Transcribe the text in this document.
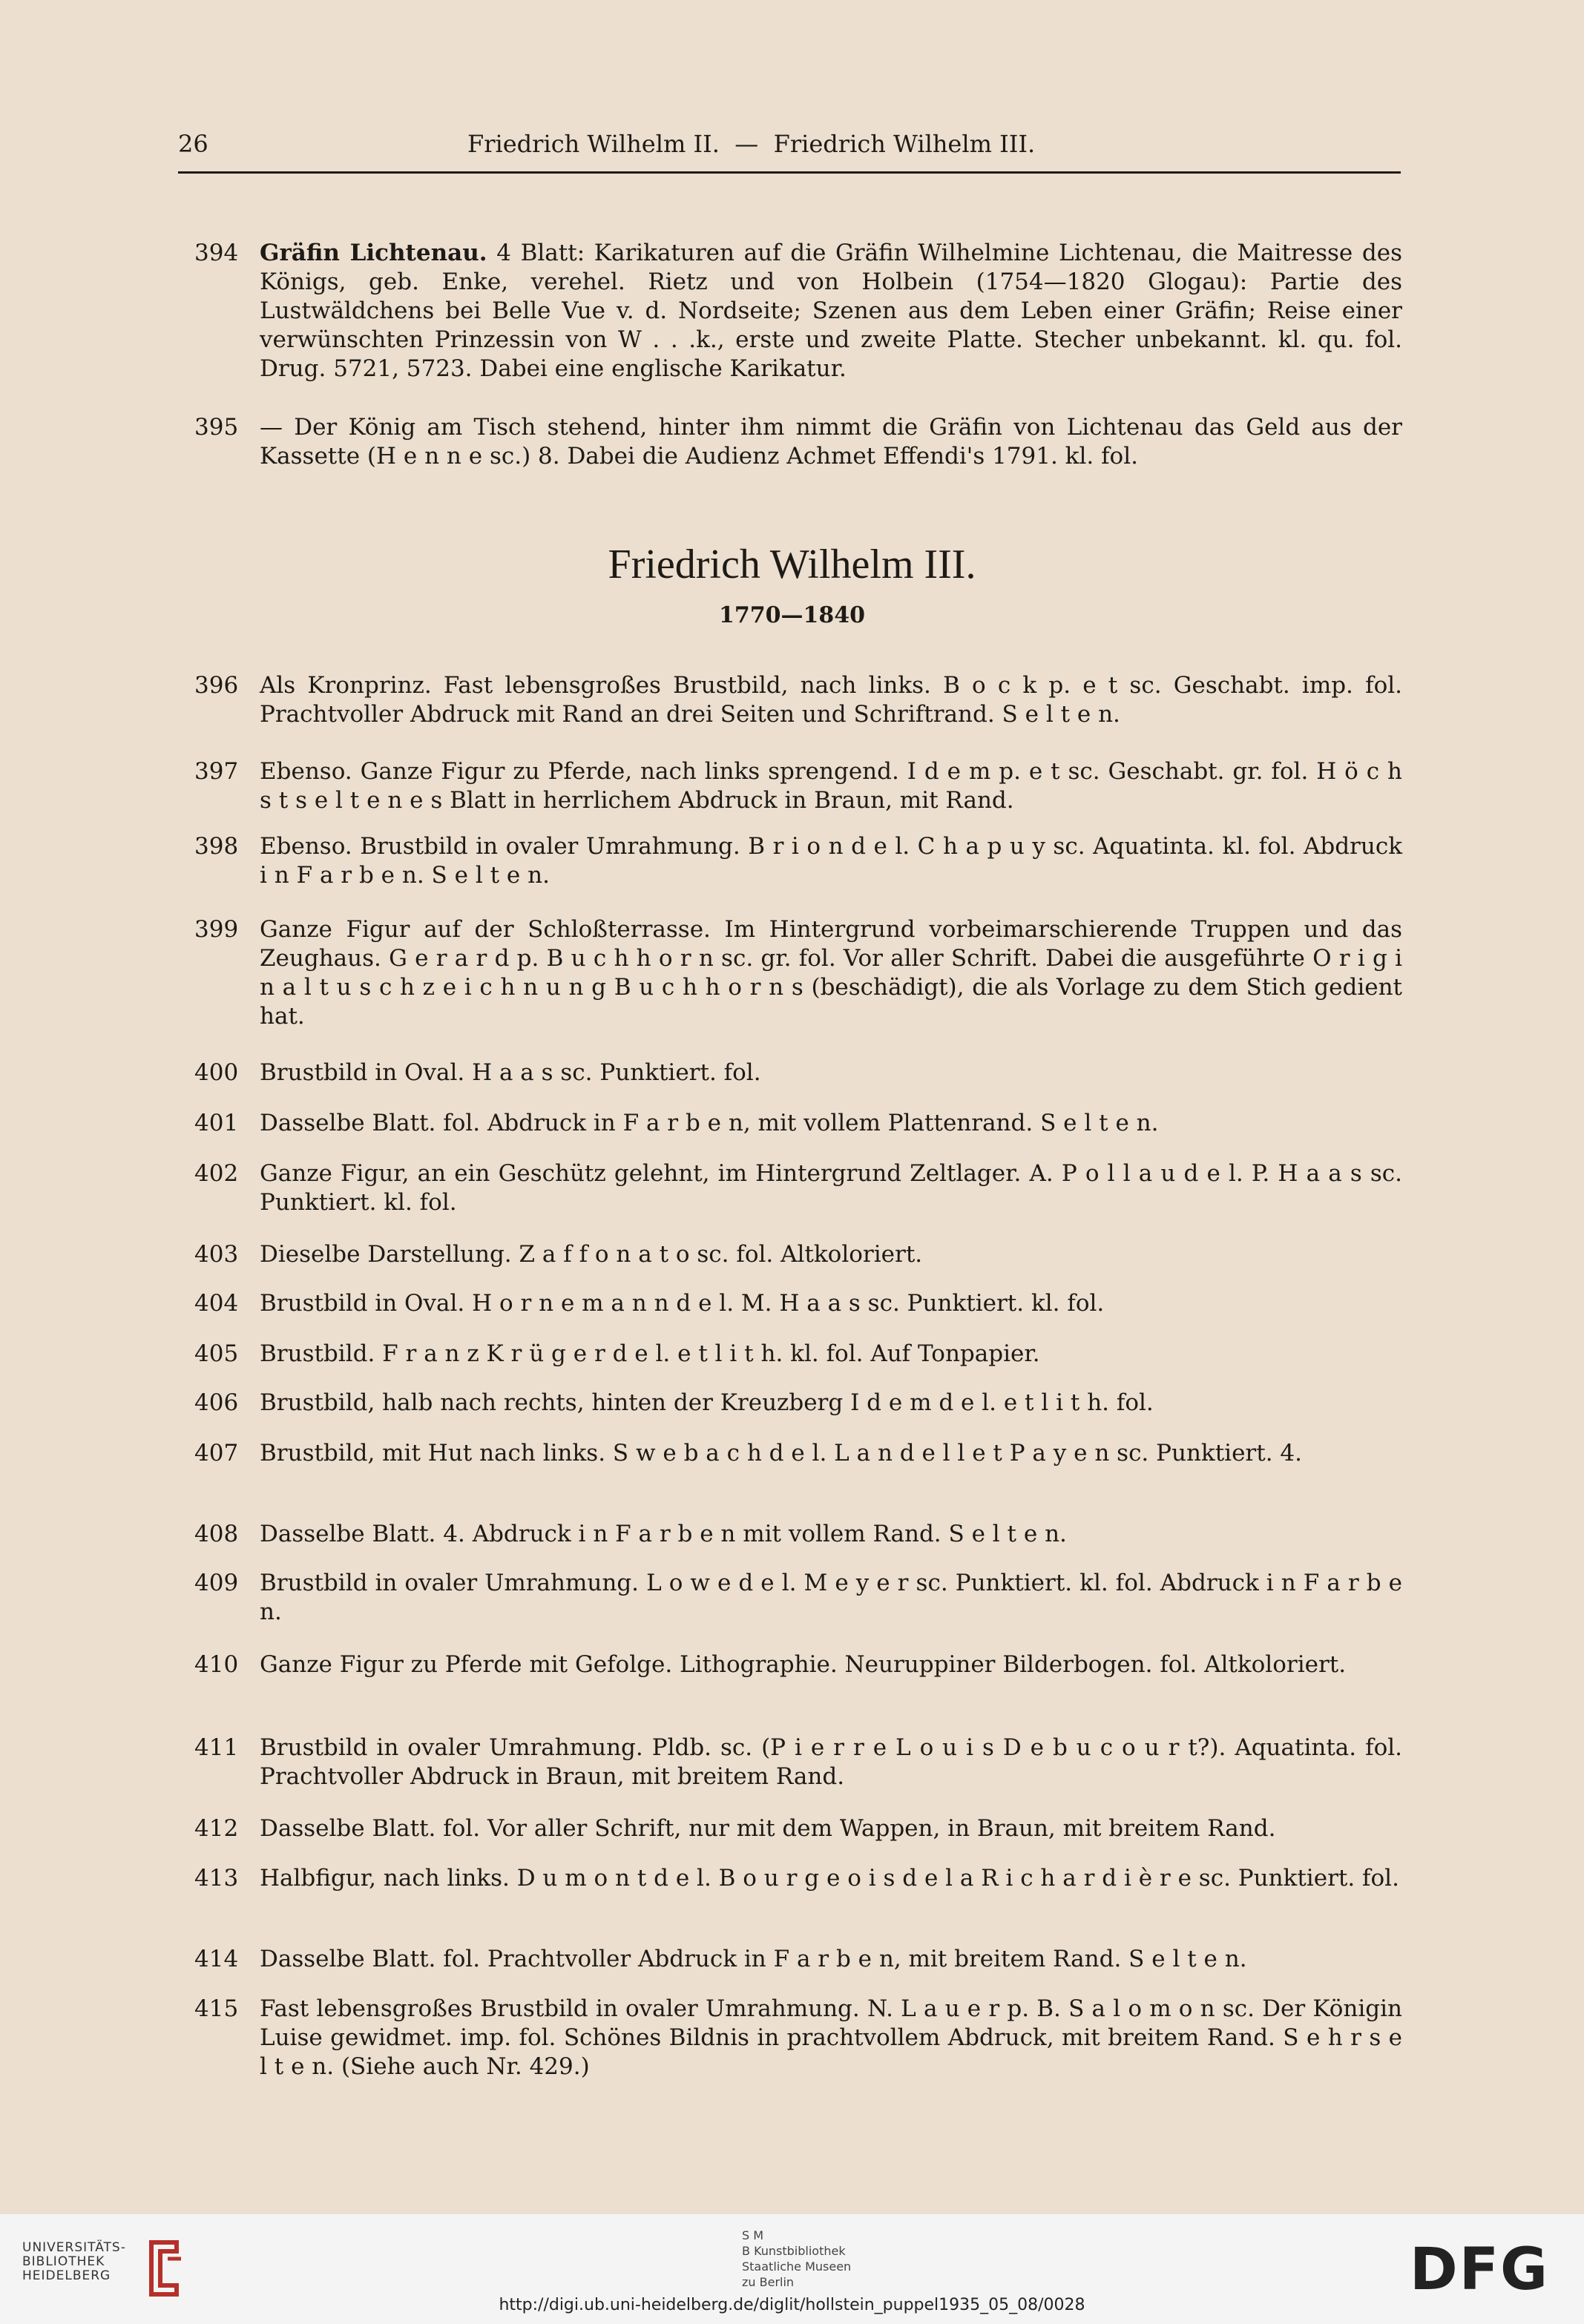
26	Friedrich Wilhelm II.  —  Friedrich Wilhelm III.
394 Gräfin Lichtenau. 4 Blatt: Karikaturen auf die Gräfin Wilhelmine Lichtenau, die Maitresse des Königs, geb. Enke, verehel. Rietz und von Holbein (1754—1820 Glogau): Partie des Lustwäldchens bei Belle Vue v. d. Nordseite; Szenen aus dem Leben einer Gräfin; Reise einer verwünschten Prinzessin von W . . .k., erste und zweite Platte. Stecher unbekannt. kl. qu. fol. Drug. 5721, 5723. Dabei eine englische Karikatur.

395 — Der König am Tisch stehend, hinter ihm nimmt die Gräfin von Lichtenau das Geld aus der Kassette (H e n n e sc.) 8. Dabei die Audienz Achmet Effendi's 1791. kl. fol.

Friedrich Wilhelm III.
1770—1840
396 Als Kronprinz. Fast lebensgroßes Brustbild, nach links. B o c k p. e t sc. Geschabt. imp. fol. Prachtvoller Abdruck mit Rand an drei Seiten und Schriftrand. S e l t e n.

397 Ebenso. Ganze Figur zu Pferde, nach links sprengend. I d e m p. e t sc. Geschabt. gr. fol. H ö c h s t s e l t e n e s Blatt in herrlichem Abdruck in Braun, mit Rand.

398 Ebenso. Brustbild in ovaler Umrahmung. B r i o n d e l. C h a p u y sc. Aquatinta. kl. fol. Abdruck i n F a r b e n. S e l t e n.

399 Ganze Figur auf der Schloßterrasse. Im Hintergrund vorbeimarschierende Truppen und das Zeughaus. G e r a r d p. B u c h h o r n sc. gr. fol. Vor aller Schrift. Dabei die ausgeführte O r i g i n a l t u s c h z e i c h n u n g B u c h h o r n s (beschädigt), die als Vorlage zu dem Stich gedient hat.

400 Brustbild in Oval. H a a s sc. Punktiert. fol.

401 Dasselbe Blatt. fol. Abdruck in F a r b e n, mit vollem Plattenrand. S e l t e n.

402 Ganze Figur, an ein Geschütz gelehnt, im Hintergrund Zeltlager. A. P o l l a u d e l. P. H a a s sc. Punktiert. kl. fol.

403 Dieselbe Darstellung. Z a f f o n a t o sc. fol. Altkoloriert.

404 Brustbild in Oval. H o r n e m a n n d e l. M. H a a s sc. Punktiert. kl. fol.

405 Brustbild. F r a n z K r ü g e r d e l. e t l i t h. kl. fol. Auf Tonpapier.

406 Brustbild, halb nach rechts, hinten der Kreuzberg I d e m d e l. e t l i t h. fol.

407 Brustbild, mit Hut nach links. S w e b a c h d e l. L a n d e l l e t P a y e n sc. Punktiert. 4.

408 Dasselbe Blatt. 4. Abdruck i n F a r b e n mit vollem Rand. S e l t e n.

409 Brustbild in ovaler Umrahmung. L o w e d e l. M e y e r sc. Punktiert. kl. fol. Abdruck i n F a r b e n.

410 Ganze Figur zu Pferde mit Gefolge. Lithographie. Neuruppiner Bilderbogen. fol. Altkoloriert.

411 Brustbild in ovaler Umrahmung. Pldb. sc. (P i e r r e L o u i s D e b u c o u r t?). Aquatinta. fol. Prachtvoller Abdruck in Braun, mit breitem Rand.

412 Dasselbe Blatt. fol. Vor aller Schrift, nur mit dem Wappen, in Braun, mit breitem Rand.

413 Halbfigur, nach links. D u m o n t d e l. B o u r g e o i s d e l a R i c h a r d i è r e sc. Punktiert. fol.

414 Dasselbe Blatt. fol. Prachtvoller Abdruck in F a r b e n, mit breitem Rand. S e l t e n.

415 Fast lebensgroßes Brustbild in ovaler Umrahmung. N. L a u e r p. B. S a l o m o n sc. Der Königin Luise gewidmet. imp. fol. Schönes Bildnis in prachtvollem Abdruck, mit breitem Rand. S e h r s e l t e n. (Siehe auch Nr. 429.)

UNIVERSITÄTS-
BIBLIOTHEK
HEIDELBERG
S M
B Kunstbibliothek
Staatliche Museen
zu Berlin	DFG
http://digi.ub.uni-heidelberg.de/diglit/hollstein_puppel1935_05_08/0028
